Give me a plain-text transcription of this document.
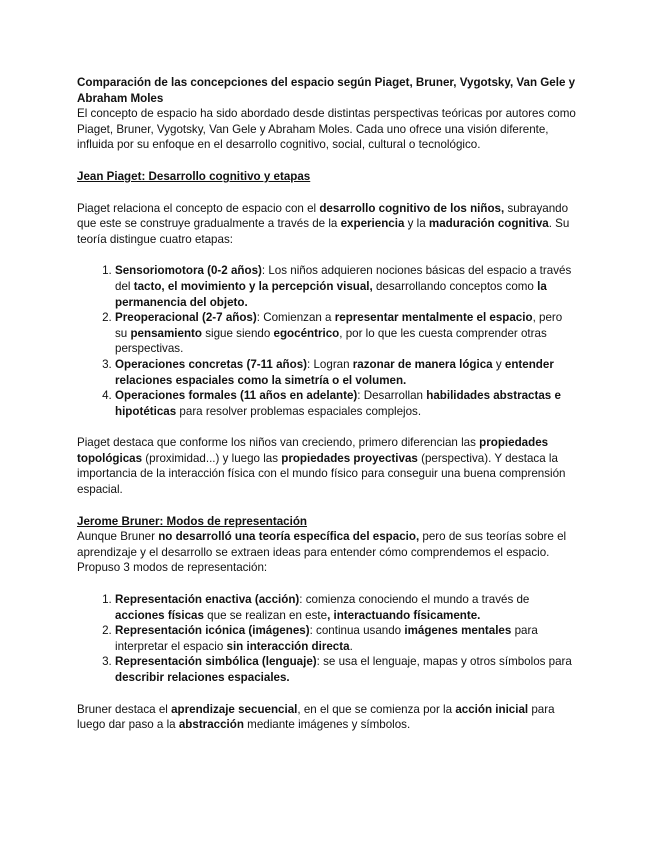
Comparación de las concepciones del espacio según Piaget, Bruner, Vygotsky, Van Gele y Abraham Moles

El concepto de espacio ha sido abordado desde distintas perspectivas teóricas por autores como Piaget, Bruner, Vygotsky, Van Gele y Abraham Moles. Cada uno ofrece una visión diferente, influida por su enfoque en el desarrollo cognitivo, social, cultural o tecnológico.

Jean Piaget: Desarrollo cognitivo y etapas

Piaget relaciona el concepto de espacio con el desarrollo cognitivo de los niños, subrayando que este se construye gradualmente a través de la experiencia y la maduración cognitiva. Su teoría distingue cuatro etapas:

1. Sensoriomotora (0-2 años): Los niños adquieren nociones básicas del espacio a través del tacto, el movimiento y la percepción visual, desarrollando conceptos como la permanencia del objeto.
2. Preoperacional (2-7 años): Comienzan a representar mentalmente el espacio, pero su pensamiento sigue siendo egocéntrico, por lo que les cuesta comprender otras perspectivas.
3. Operaciones concretas (7-11 años): Logran razonar de manera lógica y entender relaciones espaciales como la simetría o el volumen.
4. Operaciones formales (11 años en adelante): Desarrollan habilidades abstractas e hipotéticas para resolver problemas espaciales complejos.

Piaget destaca que conforme los niños van creciendo, primero diferencian las propiedades topológicas (proximidad...) y luego las propiedades proyectivas (perspectiva). Y destaca la importancia de la interacción física con el mundo físico para conseguir una buena comprensión espacial.

Jerome Bruner: Modos de representación

Aunque Bruner no desarrolló una teoría específica del espacio, pero de sus teorías sobre el aprendizaje y el desarrollo se extraen ideas para entender cómo comprendemos el espacio. Propuso 3 modos de representación:

1. Representación enactiva (acción): comienza conociendo el mundo a través de acciones físicas que se realizan en este, interactuando físicamente.
2. Representación icónica (imágenes): continua usando imágenes mentales para interpretar el espacio sin interacción directa.
3. Representación simbólica (lenguaje): se usa el lenguaje, mapas y otros símbolos para describir relaciones espaciales.

Bruner destaca el aprendizaje secuencial, en el que se comienza por la acción inicial para luego dar paso a la abstracción mediante imágenes y símbolos.
